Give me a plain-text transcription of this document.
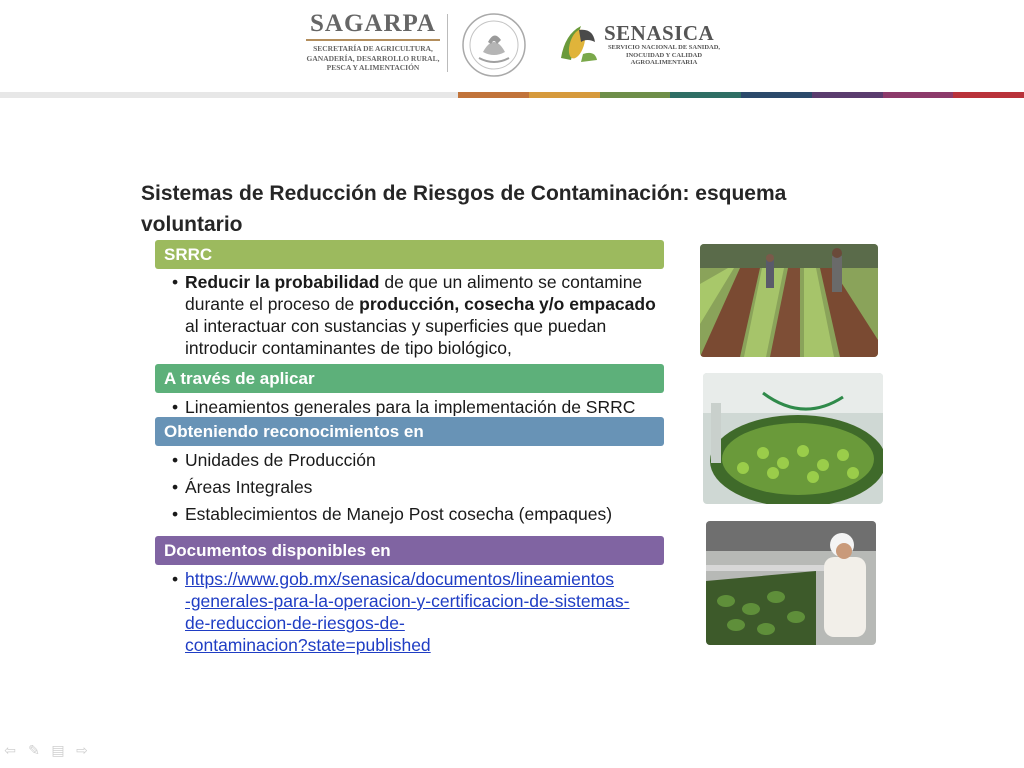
SAGARPA
SECRETARÍA DE AGRICULTURA,
GANADERÍA, DESARROLLO RURAL,
PESCA Y ALIMENTACIÓN
SENASICA
SERVICIO NACIONAL DE SANIDAD,
INOCUIDAD Y CALIDAD
AGROALIMENTARIA
Sistemas de Reducción de Riesgos de Contaminación: esquema voluntario
SRRC
• Reducir la probabilidad de que un alimento se contamine durante el proceso de producción, cosecha y/o empacado al interactuar con sustancias y superficies que puedan introducir contaminantes de tipo biológico,
A través de aplicar
• Lineamientos generales para la implementación de SRRC
Obteniendo reconocimientos en
• Unidades de Producción
• Áreas Integrales
• Establecimientos de Manejo Post cosecha (empaques)
Documentos disponibles en
• https://www.gob.mx/senasica/documentos/lineamientos
-generales-para-la-operacion-y-certificacion-de-sistemas-
de-reduccion-de-riesgos-de-
contaminacion?state=published
⇦ ✎ ▤ ⇨
